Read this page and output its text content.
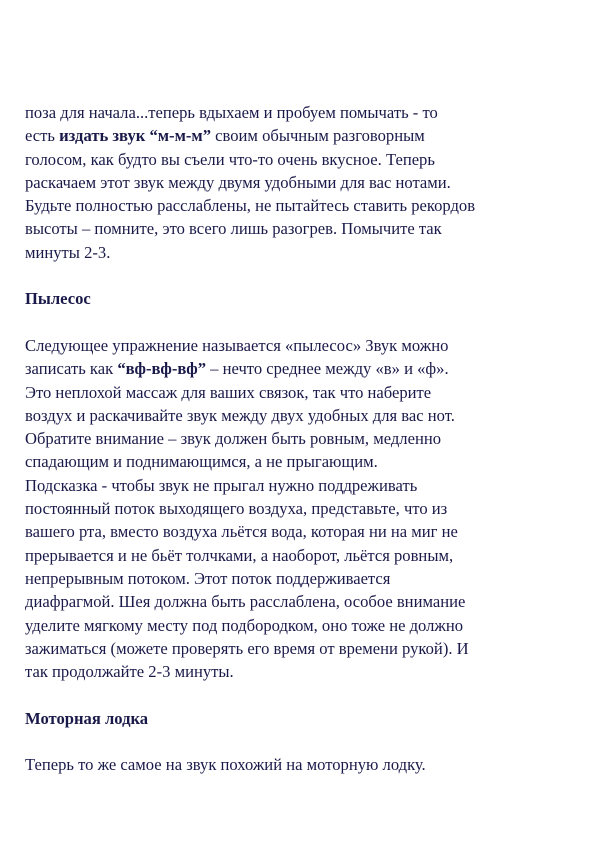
поза для начала...теперь вдыхаем и пробуем помычать - то
есть издать звук “м-м-м” своим обычным разговорным
голосом, как будто вы съели что-то очень вкусное. Теперь
раскачаем этот звук между двумя удобными для вас нотами.
Будьте полностью расслаблены, не пытайтесь ставить рекордов
высоты – помните, это всего лишь разогрев. Помычите так
минуты 2-3.
Пылесос
Следующее упражнение называется «пылесос» Звук можно
записать как “вф-вф-вф” – нечто среднее между «в» и «ф».
Это неплохой массаж для ваших связок, так что наберите
воздух и раскачивайте звук между двух удобных для вас нот.
Обратите внимание – звук должен быть ровным, медленно
спадающим и поднимающимся, а не прыгающим.
Подсказка - чтобы звук не прыгал нужно поддреживать
постоянный поток выходящего воздуха, представьте, что из
вашего рта, вместо воздуха льётся вода, которая ни на миг не
прерывается и не бьёт толчками, а наоборот, льётся ровным,
непрерывным потоком. Этот поток поддерживается
диафрагмой. Шея должна быть расслаблена, особое внимание
уделите мягкому месту под подбородком, оно тоже не должно
зажиматься (можете проверять его время от времени рукой). И
так продолжайте 2-3 минуты.
Моторная лодка
Теперь то же самое на звук похожий на моторную лодку.
